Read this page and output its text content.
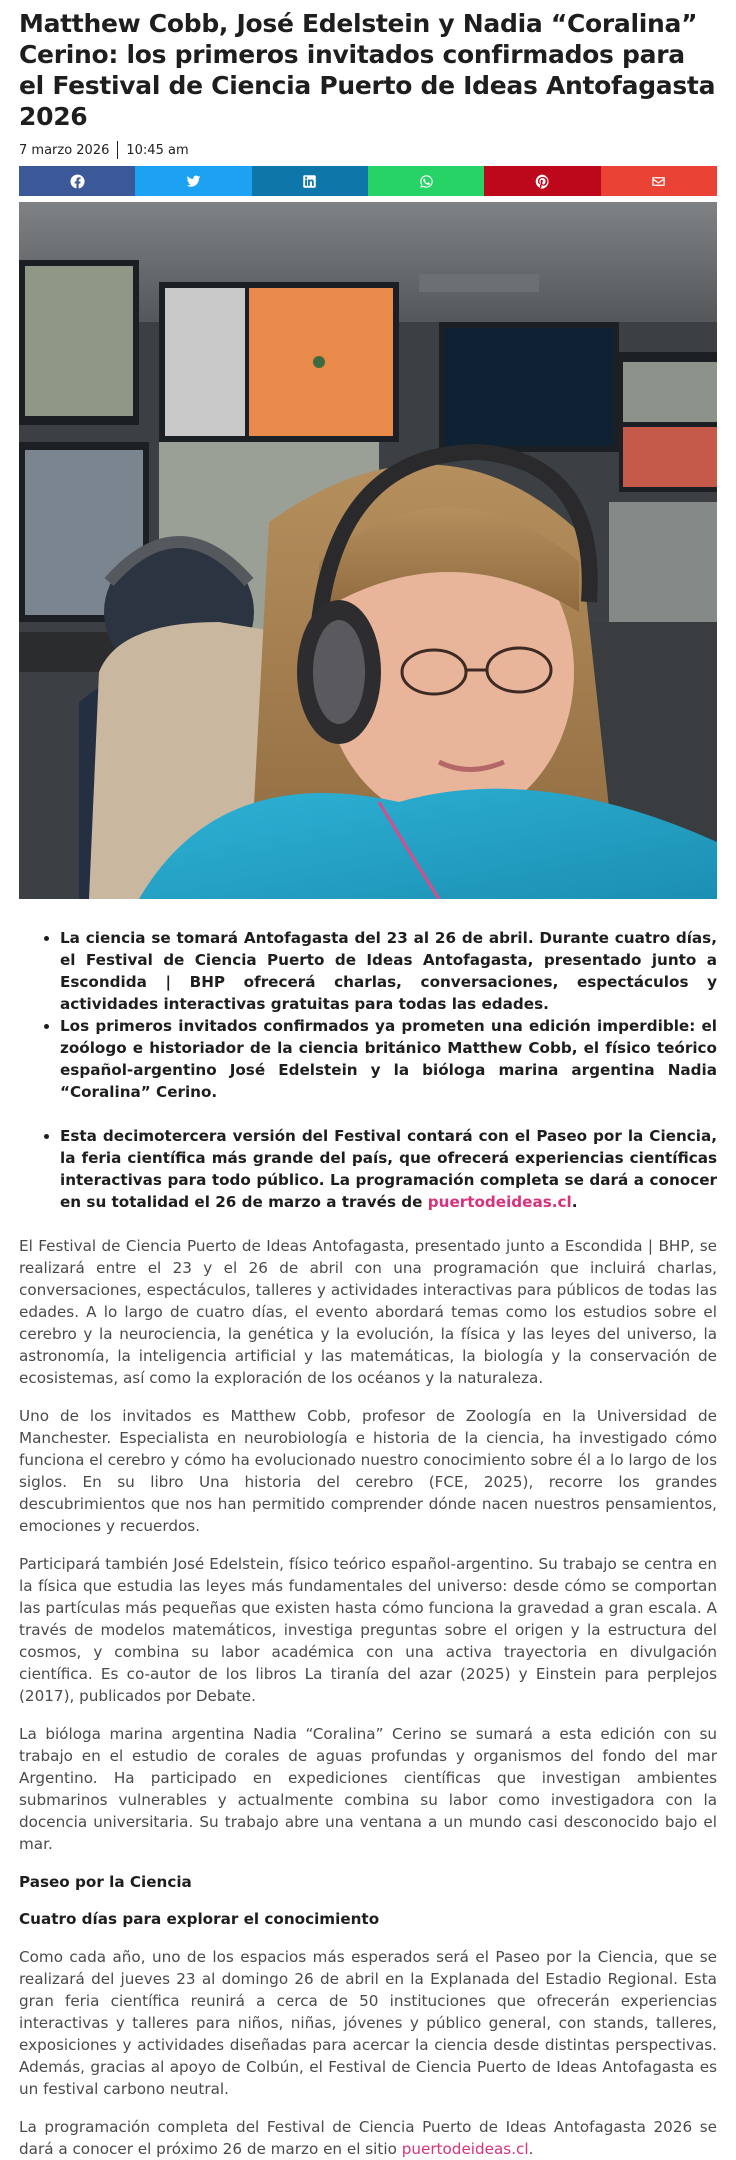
Matthew Cobb, José Edelstein y Nadia “Coralina” Cerino: los primeros invitados confirmados para el Festival de Ciencia Puerto de Ideas Antofagasta 2026
7 marzo 2026 10:45 am
• La ciencia se tomará Antofagasta del 23 al 26 de abril. Durante cuatro días, el Festival de Ciencia Puerto de Ideas Antofagasta, presentado junto a Escondida | BHP ofrecerá charlas, conversaciones, espectáculos y actividades interactivas gratuitas para todas las edades.
• Los primeros invitados confirmados ya prometen una edición imperdible: el zoólogo e historiador de la ciencia británico Matthew Cobb, el físico teórico español-argentino José Edelstein y la bióloga marina argentina Nadia “Coralina” Cerino.
• Esta decimotercera versión del Festival contará con el Paseo por la Ciencia, la feria científica más grande del país, que ofrecerá experiencias científicas interactivas para todo público. La programación completa se dará a conocer en su totalidad el 26 de marzo a través de puertodeideas.cl.

El Festival de Ciencia Puerto de Ideas Antofagasta, presentado junto a Escondida | BHP, se realizará entre el 23 y el 26 de abril con una programación que incluirá charlas, conversaciones, espectáculos, talleres y actividades interactivas para públicos de todas las edades. A lo largo de cuatro días, el evento abordará temas como los estudios sobre el cerebro y la neurociencia, la genética y la evolución, la física y las leyes del universo, la astronomía, la inteligencia artificial y las matemáticas, la biología y la conservación de ecosistemas, así como la exploración de los océanos y la naturaleza.

Uno de los invitados es Matthew Cobb, profesor de Zoología en la Universidad de Manchester. Especialista en neurobiología e historia de la ciencia, ha investigado cómo funciona el cerebro y cómo ha evolucionado nuestro conocimiento sobre él a lo largo de los siglos. En su libro Una historia del cerebro (FCE, 2025), recorre los grandes descubrimientos que nos han permitido comprender dónde nacen nuestros pensamientos, emociones y recuerdos.

Participará también José Edelstein, físico teórico español-argentino. Su trabajo se centra en la física que estudia las leyes más fundamentales del universo: desde cómo se comportan las partículas más pequeñas que existen hasta cómo funciona la gravedad a gran escala. A través de modelos matemáticos, investiga preguntas sobre el origen y la estructura del cosmos, y combina su labor académica con una activa trayectoria en divulgación científica. Es co-autor de los libros La tiranía del azar (2025) y Einstein para perplejos (2017), publicados por Debate.

La bióloga marina argentina Nadia “Coralina” Cerino se sumará a esta edición con su trabajo en el estudio de corales de aguas profundas y organismos del fondo del mar Argentino. Ha participado en expediciones científicas que investigan ambientes submarinos vulnerables y actualmente combina su labor como investigadora con la docencia universitaria. Su trabajo abre una ventana a un mundo casi desconocido bajo el mar.

Paseo por la Ciencia
Cuatro días para explorar el conocimiento

Como cada año, uno de los espacios más esperados será el Paseo por la Ciencia, que se realizará del jueves 23 al domingo 26 de abril en la Explanada del Estadio Regional. Esta gran feria científica reunirá a cerca de 50 instituciones que ofrecerán experiencias interactivas y talleres para niños, niñas, jóvenes y público general, con stands, talleres, exposiciones y actividades diseñadas para acercar la ciencia desde distintas perspectivas. Además, gracias al apoyo de Colbún, el Festival de Ciencia Puerto de Ideas Antofagasta es un festival carbono neutral.

La programación completa del Festival de Ciencia Puerto de Ideas Antofagasta 2026 se dará a conocer el próximo 26 de marzo en el sitio puertodeideas.cl.
